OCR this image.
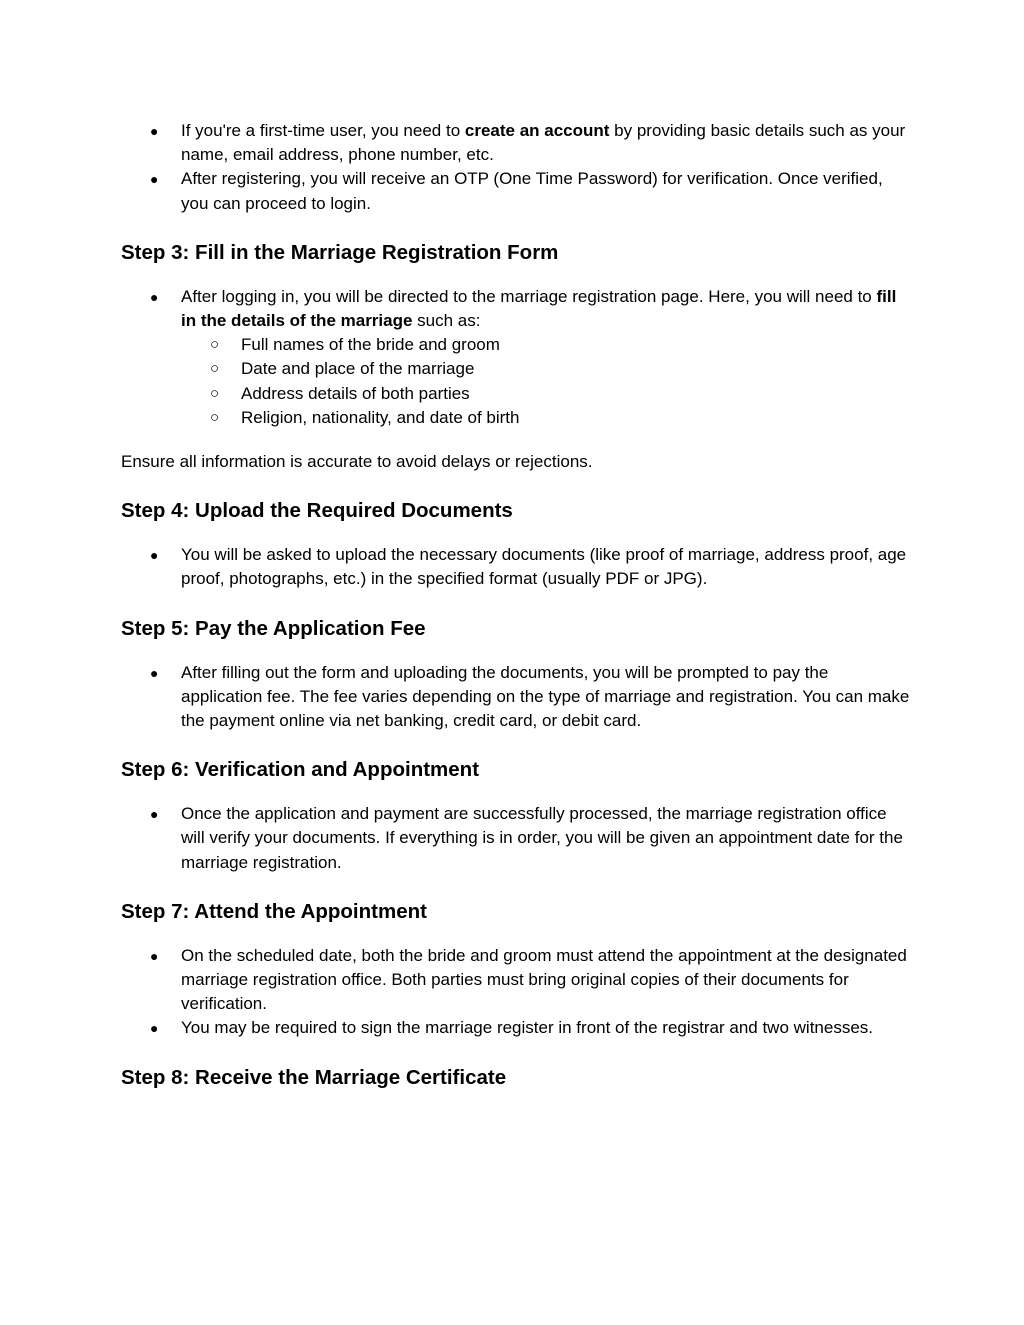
● If you're a first-time user, you need to create an account by providing basic details such as your name, email address, phone number, etc.
● After registering, you will receive an OTP (One Time Password) for verification. Once verified, you can proceed to login.
Step 3: Fill in the Marriage Registration Form
● After logging in, you will be directed to the marriage registration page. Here, you will need to fill in the details of the marriage such as:
○ Full names of the bride and groom
○ Date and place of the marriage
○ Address details of both parties
○ Religion, nationality, and date of birth

Ensure all information is accurate to avoid delays or rejections.

Step 4: Upload the Required Documents
● You will be asked to upload the necessary documents (like proof of marriage, address proof, age proof, photographs, etc.) in the specified format (usually PDF or JPG).
Step 5: Pay the Application Fee
● After filling out the form and uploading the documents, you will be prompted to pay the application fee. The fee varies depending on the type of marriage and registration. You can make the payment online via net banking, credit card, or debit card.
Step 6: Verification and Appointment
● Once the application and payment are successfully processed, the marriage registration office will verify your documents. If everything is in order, you will be given an appointment date for the marriage registration.
Step 7: Attend the Appointment
● On the scheduled date, both the bride and groom must attend the appointment at the designated marriage registration office. Both parties must bring original copies of their documents for verification.
● You may be required to sign the marriage register in front of the registrar and two witnesses.
Step 8: Receive the Marriage Certificate
